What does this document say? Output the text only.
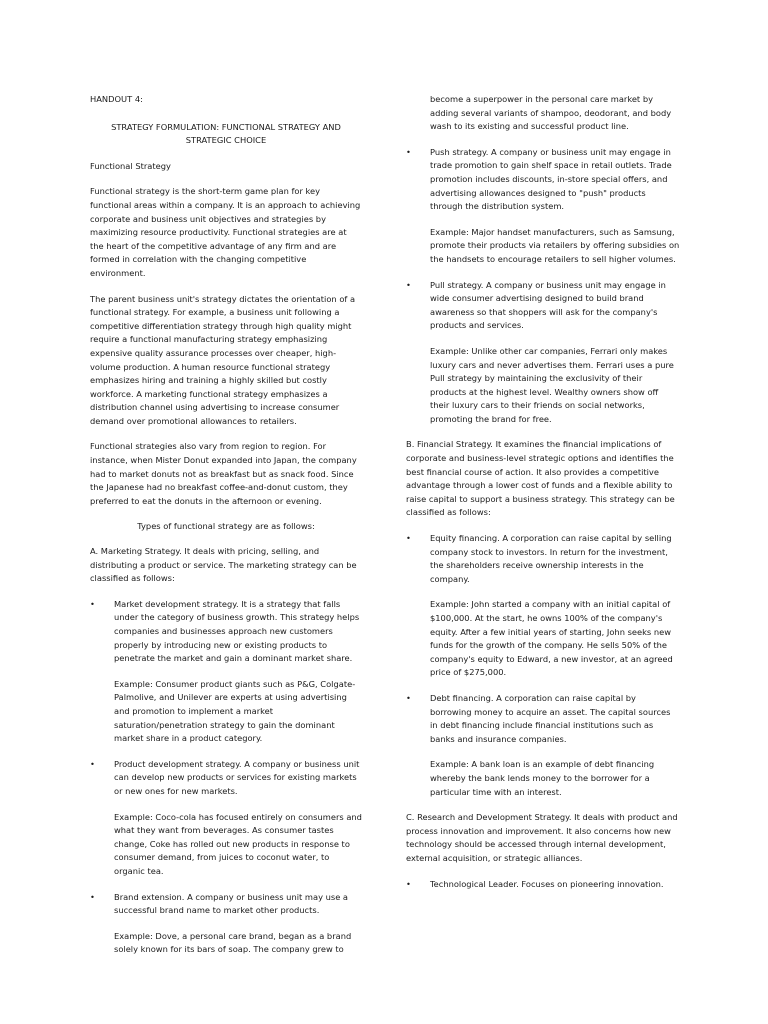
HANDOUT 4:

STRATEGY FORMULATION: FUNCTIONAL STRATEGY AND STRATEGIC CHOICE

Functional Strategy

Functional strategy is the short-term game plan for key functional areas within a company. It is an approach to achieving corporate and business unit objectives and strategies by maximizing resource productivity. Functional strategies are at the heart of the competitive advantage of any firm and are formed in correlation with the changing competitive environment.

The parent business unit's strategy dictates the orientation of a functional strategy. For example, a business unit following a competitive differentiation strategy through high quality might require a functional manufacturing strategy emphasizing expensive quality assurance processes over cheaper, high- volume production. A human resource functional strategy emphasizes hiring and training a highly skilled but costly workforce. A marketing functional strategy emphasizes a distribution channel using advertising to increase consumer demand over promotional allowances to retailers.

Functional strategies also vary from region to region. For instance, when Mister Donut expanded into Japan, the company had to market donuts not as breakfast but as snack food. Since the Japanese had no breakfast coffee-and-donut custom, they preferred to eat the donuts in the afternoon or evening.

Types of functional strategy are as follows:

A. Marketing Strategy. It deals with pricing, selling, and distributing a product or service. The marketing strategy can be classified as follows:

• Market development strategy. It is a strategy that falls under the category of business growth. This strategy helps companies and businesses approach new customers properly by introducing new or existing products to penetrate the market and gain a dominant market share.

Example: Consumer product giants such as P&G, Colgate-Palmolive, and Unilever are experts at using advertising and promotion to implement a market saturation/penetration strategy to gain the dominant market share in a product category.

• Product development strategy. A company or business unit can develop new products or services for existing markets or new ones for new markets.

Example: Coco-cola has focused entirely on consumers and what they want from beverages. As consumer tastes change, Coke has rolled out new products in response to consumer demand, from juices to coconut water, to organic tea.

• Brand extension. A company or business unit may use a successful brand name to market other products.

Example: Dove, a personal care brand, began as a brand solely known for its bars of soap. The company grew to

become a superpower in the personal care market by adding several variants of shampoo, deodorant, and body wash to its existing and successful product line.

• Push strategy. A company or business unit may engage in trade promotion to gain shelf space in retail outlets. Trade promotion includes discounts, in-store special offers, and advertising allowances designed to "push" products through the distribution system.

Example: Major handset manufacturers, such as Samsung, promote their products via retailers by offering subsidies on the handsets to encourage retailers to sell higher volumes.

• Pull strategy. A company or business unit may engage in wide consumer advertising designed to build brand awareness so that shoppers will ask for the company's products and services.

Example: Unlike other car companies, Ferrari only makes luxury cars and never advertises them. Ferrari uses a pure Pull strategy by maintaining the exclusivity of their products at the highest level. Wealthy owners show off their luxury cars to their friends on social networks, promoting the brand for free.

B. Financial Strategy. It examines the financial implications of corporate and business-level strategic options and identifies the best financial course of action. It also provides a competitive advantage through a lower cost of funds and a flexible ability to raise capital to support a business strategy. This strategy can be classified as follows:

• Equity financing. A corporation can raise capital by selling company stock to investors. In return for the investment, the shareholders receive ownership interests in the company.

Example: John started a company with an initial capital of $100,000. At the start, he owns 100% of the company's equity. After a few initial years of starting, John seeks new funds for the growth of the company. He sells 50% of the company's equity to Edward, a new investor, at an agreed price of $275,000.

• Debt financing. A corporation can raise capital by borrowing money to acquire an asset. The capital sources in debt financing include financial institutions such as banks and insurance companies.

Example: A bank loan is an example of debt financing whereby the bank lends money to the borrower for a particular time with an interest.

C. Research and Development Strategy. It deals with product and process innovation and improvement. It also concerns how new technology should be accessed through internal development, external acquisition, or strategic alliances.

• Technological Leader. Focuses on pioneering innovation.
